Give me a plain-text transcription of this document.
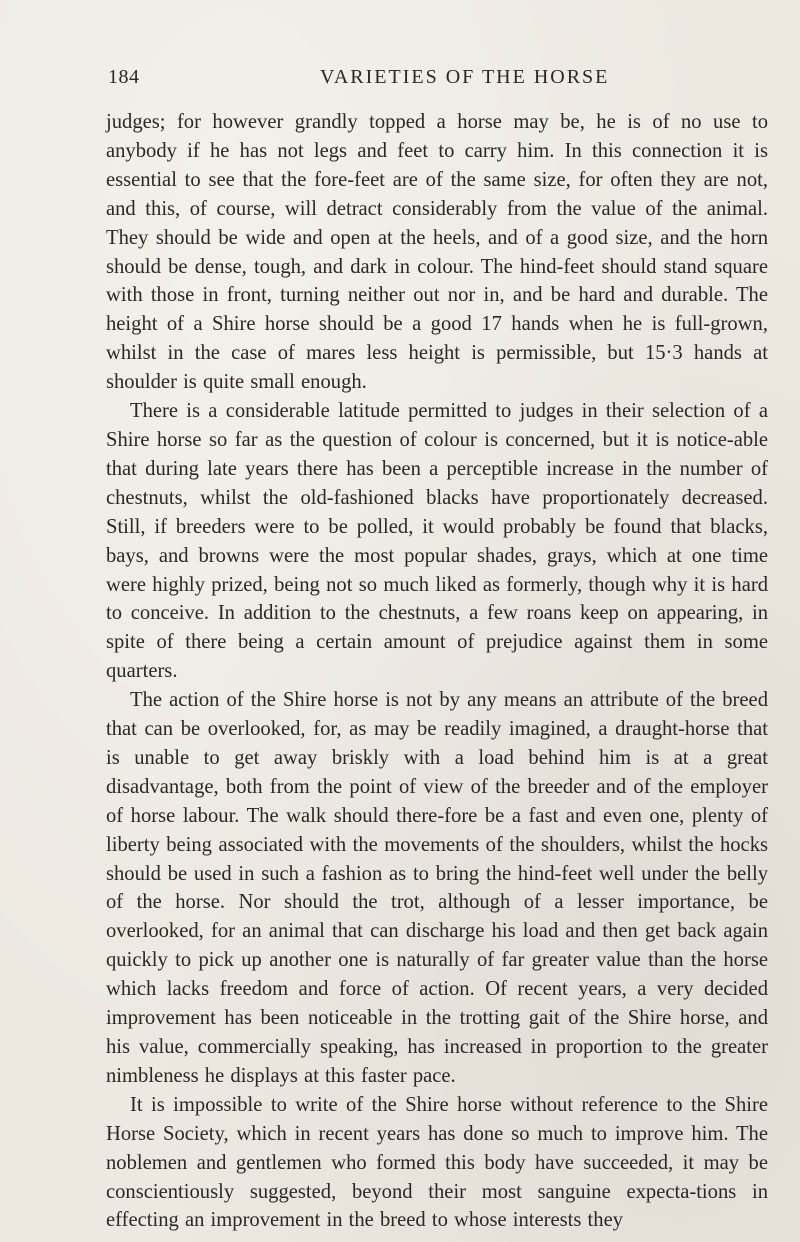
184	VARIETIES OF THE HORSE

judges; for however grandly topped a horse may be, he is of no use to anybody if he has not legs and feet to carry him. In this connection it is essential to see that the fore-feet are of the same size, for often they are not, and this, of course, will detract considerably from the value of the animal. They should be wide and open at the heels, and of a good size, and the horn should be dense, tough, and dark in colour. The hind-feet should stand square with those in front, turning neither out nor in, and be hard and durable. The height of a Shire horse should be a good 17 hands when he is full-grown, whilst in the case of mares less height is permissible, but 15·3 hands at shoulder is quite small enough.

There is a considerable latitude permitted to judges in their selection of a Shire horse so far as the question of colour is concerned, but it is notice-able that during late years there has been a perceptible increase in the number of chestnuts, whilst the old-fashioned blacks have proportionately decreased. Still, if breeders were to be polled, it would probably be found that blacks, bays, and browns were the most popular shades, grays, which at one time were highly prized, being not so much liked as formerly, though why it is hard to conceive. In addition to the chestnuts, a few roans keep on appearing, in spite of there being a certain amount of prejudice against them in some quarters.

The action of the Shire horse is not by any means an attribute of the breed that can be overlooked, for, as may be readily imagined, a draught-horse that is unable to get away briskly with a load behind him is at a great disadvantage, both from the point of view of the breeder and of the employer of horse labour. The walk should there-fore be a fast and even one, plenty of liberty being associated with the movements of the shoulders, whilst the hocks should be used in such a fashion as to bring the hind-feet well under the belly of the horse. Nor should the trot, although of a lesser importance, be overlooked, for an animal that can discharge his load and then get back again quickly to pick up another one is naturally of far greater value than the horse which lacks freedom and force of action. Of recent years, a very decided improvement has been noticeable in the trotting gait of the Shire horse, and his value, commercially speaking, has increased in proportion to the greater nimbleness he displays at this faster pace.

It is impossible to write of the Shire horse without reference to the Shire Horse Society, which in recent years has done so much to improve him. The noblemen and gentlemen who formed this body have succeeded, it may be conscientiously suggested, beyond their most sanguine expecta-tions in effecting an improvement in the breed to whose interests they
